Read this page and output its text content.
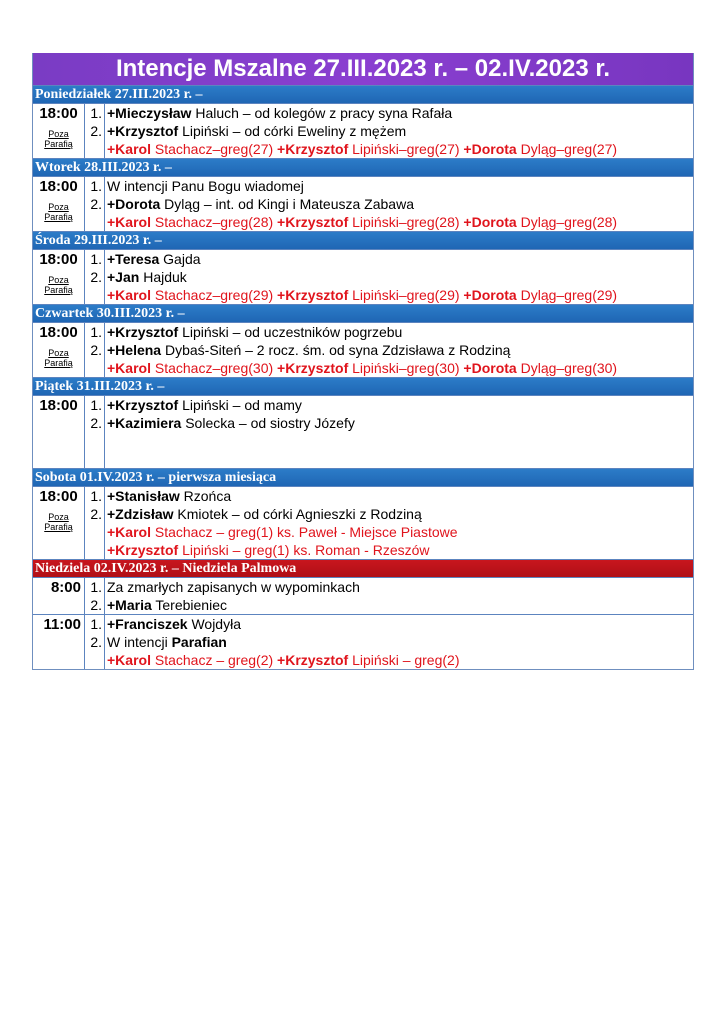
Intencje Mszalne 27.III.2023 r. – 02.IV.2023 r.
Poniedziałek 27.III.2023 r. –
18:00
Poza
Parafią
1.
2.
+Mieczysław Haluch – od kolegów z pracy syna Rafała
+Krzysztof Lipiński – od córki Eweliny z mężem
+Karol Stachacz–greg(27) +Krzysztof Lipiński–greg(27) +Dorota Dyląg–greg(27)
Wtorek 28.III.2023 r. –
18:00
Poza
Parafią
1.
2.
W intencji Panu Bogu wiadomej
+Dorota Dyląg – int. od Kingi i Mateusza Zabawa
+Karol Stachacz–greg(28) +Krzysztof Lipiński–greg(28) +Dorota Dyląg–greg(28)
Środa 29.III.2023 r. –
18:00
Poza
Parafią
1.
2.
+Teresa Gajda
+Jan Hajduk
+Karol Stachacz–greg(29) +Krzysztof Lipiński–greg(29) +Dorota Dyląg–greg(29)
Czwartek 30.III.2023 r. –
18:00
Poza
Parafią
1.
2.
+Krzysztof Lipiński – od uczestników pogrzebu
+Helena Dybaś-Siteń – 2 rocz. śm. od syna Zdzisława z Rodziną
+Karol Stachacz–greg(30) +Krzysztof Lipiński–greg(30) +Dorota Dyląg–greg(30)
Piątek 31.III.2023 r. –
18:00 1.
2.
+Krzysztof Lipiński – od mamy
+Kazimiera Solecka – od siostry Józefy
Sobota 01.IV.2023 r. – pierwsza miesiąca
18:00
Poza
Parafią
1.
2.
+Stanisław Rzońca
+Zdzisław Kmiotek – od córki Agnieszki z Rodziną
+Karol Stachacz – greg(1) ks. Paweł - Miejsce Piastowe
+Krzysztof Lipiński – greg(1) ks. Roman - Rzeszów
Niedziela 02.IV.2023 r. – Niedziela Palmowa
8:00 1.
2.
Za zmarłych zapisanych w wypominkach
+Maria Terebieniec
11:00 1.
2.
+Franciszek Wojdyła
W intencji Parafian
+Karol Stachacz – greg(2) +Krzysztof Lipiński – greg(2)
